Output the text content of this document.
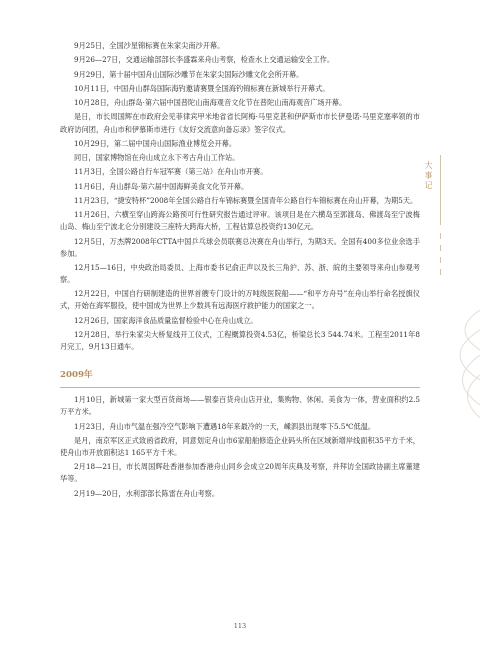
9月25日，全国沙星锦标赛在朱家尖南沙开幕。

9月26—27日，交通运输部部长李盛霖来舟山考察，检查水上交通运输安全工作。

9月29日，第十届中国舟山国际沙雕节在朱家尖国际沙雕文化会所开幕。

10月11日，中国舟山群岛国际海钓邀请赛暨全国海钓锦标赛在新城举行开幕式。

10月28日，舟山群岛·第六届中国普陀山南海观音文化节在普陀山南海观音广场开幕。

是日，市长周国辉在市政府会见菲律宾甲米地省省长阿梅·马里克甚和伊萨斯市市长伊曼诺·马里克塞率领的市政府访问团，舟山市和伊慕斯市进行《友好交流意向备忘录》签字仪式。

10月29日，第二届中国舟山国际渔业博览会开幕。

同日，国家博物馆在舟山成立永下考古舟山工作站。

11月3日，全国公路自行车冠军赛（第三站）在舟山市开赛。

11月6日，舟山群岛·第六届中国海鲜美食文化节开幕。

11月23日，“捷安特杯”2008年全国公路自行车锦标赛暨全国青年公路自行车锦标赛在舟山开幕，为期5天。

11月26日，六横至穿山跨海公路预可行性研究报告通过评审。该项目是在六横岛至郭渡岛、佛渡岛至宁波梅山岛、梅山至宁波北仑分别建设三座特大跨海大桥，工程估算总投资约130亿元。

12月5日，万杰牌2008年CTTA中国乒乓球会员联赛总决赛在舟山举行，为期3天。全国有400多位业余选手参加。

12月15—16日，中央政治局委员、上海市委书记俞正声以及长三角沪、苏、浙、皖的主要领导来舟山参观考察。

12月22日，中国自行研制建造的世界首艘专门设计的万吨级医院船——“和平方舟号”在舟山举行命名授旗仪式，开始在海军服役，使中国成为世界上少数具有远海医疗救护能力的国家之一。

12月26日，国家海洋食品质量监督检验中心在舟山成立。

12月28日，举行朱家尖大桥复线开工仪式，工程概算投资4.53亿，桥梁总长3 544.74米。工程至2011年8月完工，9月13日通车。

2009年

1月10日，新城第一家大型百货商场——银泰百货舟山店开业，集购物、休闲、美食为一体，营业面积约2.5万平方米。

1月23日，舟山市气温在强冷空气影响下遭遇18年来最冷的一天，嵊泗县出现零下5.5℃低温。

是月，南京军区正式致函省政府，同意划定舟山市6家船舶修造企业码头所在区域新增岸线面积35平方千米，使舟山市开放面积达1 165平方千米。

2月18—21日，市长周国辉赴香港参加香港舟山同乡会成立20周年庆典及考察，并拜访全国政协副主席董建华等。

2月19—20日，水利部部长陈雷在舟山考察。

大事记
113
